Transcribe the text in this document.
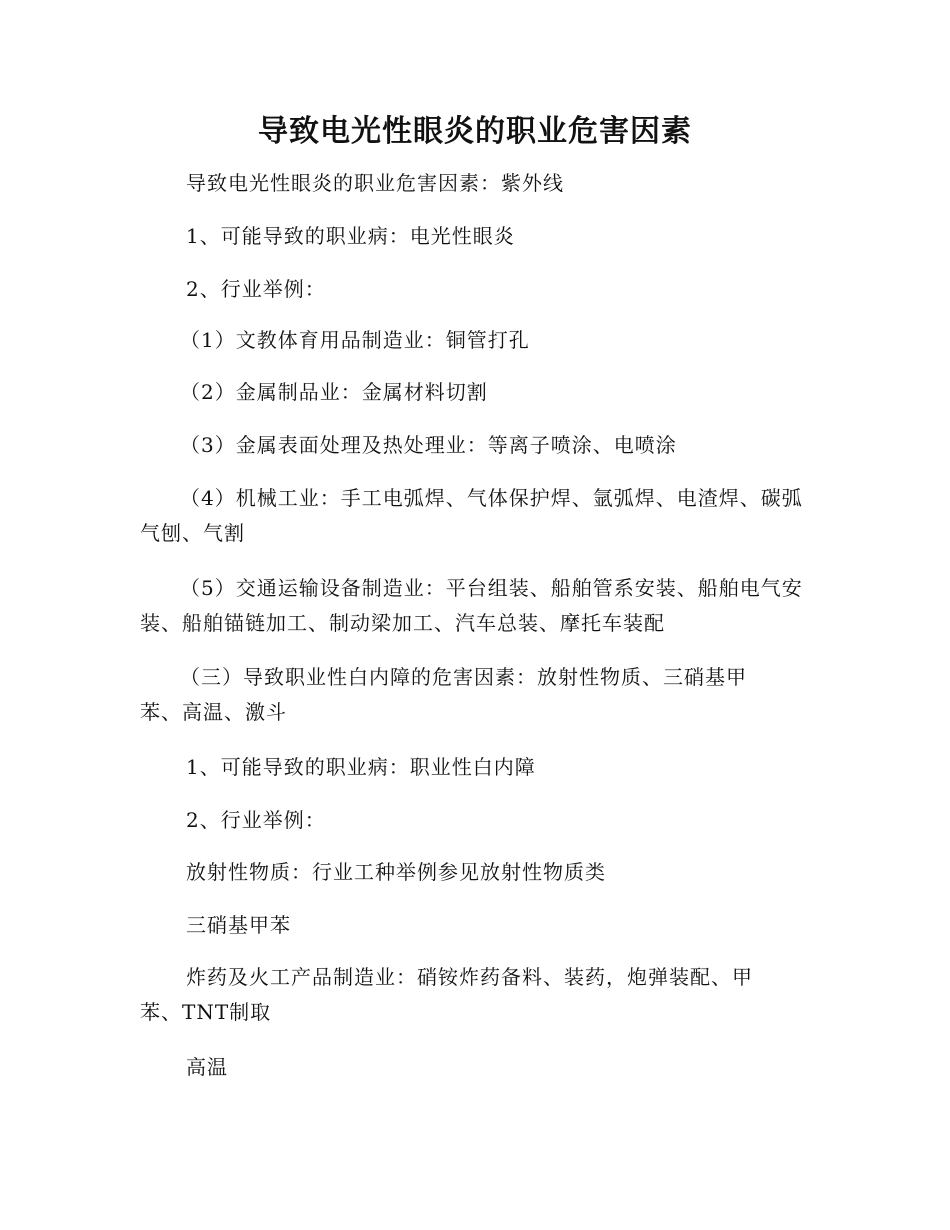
导致电光性眼炎的职业危害因素
导致电光性眼炎的职业危害因素：紫外线
1、可能导致的职业病：电光性眼炎
2、行业举例：
（1）文教体育用品制造业：铜管打孔
（2）金属制品业：金属材料切割
（3）金属表面处理及热处理业：等离子喷涂、电喷涂
（4）机械工业：手工电弧焊、气体保护焊、氩弧焊、电渣焊、碳弧气刨、气割
（5）交通运输设备制造业：平台组装、船舶管系安装、船舶电气安装、船舶锚链加工、制动梁加工、汽车总装、摩托车装配
（三）导致职业性白内障的危害因素：放射性物质、三硝基甲苯、高温、激斗
1、可能导致的职业病：职业性白内障
2、行业举例：
放射性物质：行业工种举例参见放射性物质类
三硝基甲苯
炸药及火工产品制造业：硝铵炸药备料、装药，炮弹装配、甲苯、TNT制取
高温
